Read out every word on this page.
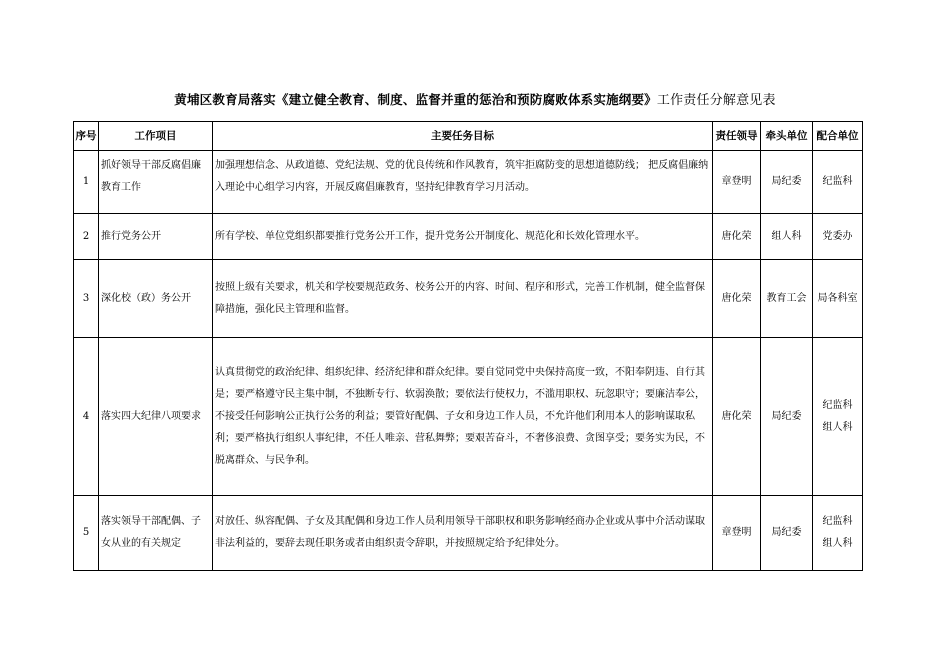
黄埔区教育局落实《建立健全教育、制度、监督并重的惩治和预防腐败体系实施纲要》工作责任分解意见表
序号	工作项目	主要任务目标	责任领导	牵头单位	配合单位
1	抓好领导干部反腐倡廉教育工作	加强理想信念、从政道德、党纪法规、党的优良传统和作风教育，筑牢拒腐防变的思想道德防线； 把反腐倡廉纳入理论中心组学习内容，开展反腐倡廉教育，坚持纪律教育学习月活动。	章登明	局纪委	纪监科
2	推行党务公开	所有学校、单位党组织都要推行党务公开工作，提升党务公开制度化、规范化和长效化管理水平。	唐化荣	组人科	党委办
3	深化校（政）务公开	按照上级有关要求，机关和学校要规范政务、校务公开的内容、时间、程序和形式，完善工作机制，健全监督保障措施，强化民主管理和监督。	唐化荣	教育工会	局各科室
4	落实四大纪律八项要求	认真贯彻党的政治纪律、组织纪律、经济纪律和群众纪律。要自觉同党中央保持高度一致，不阳奉阴违、自行其是；要严格遵守民主集中制，不独断专行、软弱涣散；要依法行使权力，不滥用职权、玩忽职守；要廉洁奉公，不接受任何影响公正执行公务的利益；要管好配偶、子女和身边工作人员，不允许他们利用本人的影响谋取私利；要严格执行组织人事纪律，不任人唯亲、营私舞弊；要艰苦奋斗，不奢侈浪费、贪图享受；要务实为民，不脱离群众、与民争利。	唐化荣	局纪委	纪监科
组人科

5	落实领导干部配偶、子女从业的有关规定	对放任、纵容配偶、子女及其配偶和身边工作人员利用领导干部职权和职务影响经商办企业或从事中介活动谋取非法利益的，要辞去现任职务或者由组织责令辞职，并按照规定给予纪律处分。	章登明	局纪委	纪监科
组人科
